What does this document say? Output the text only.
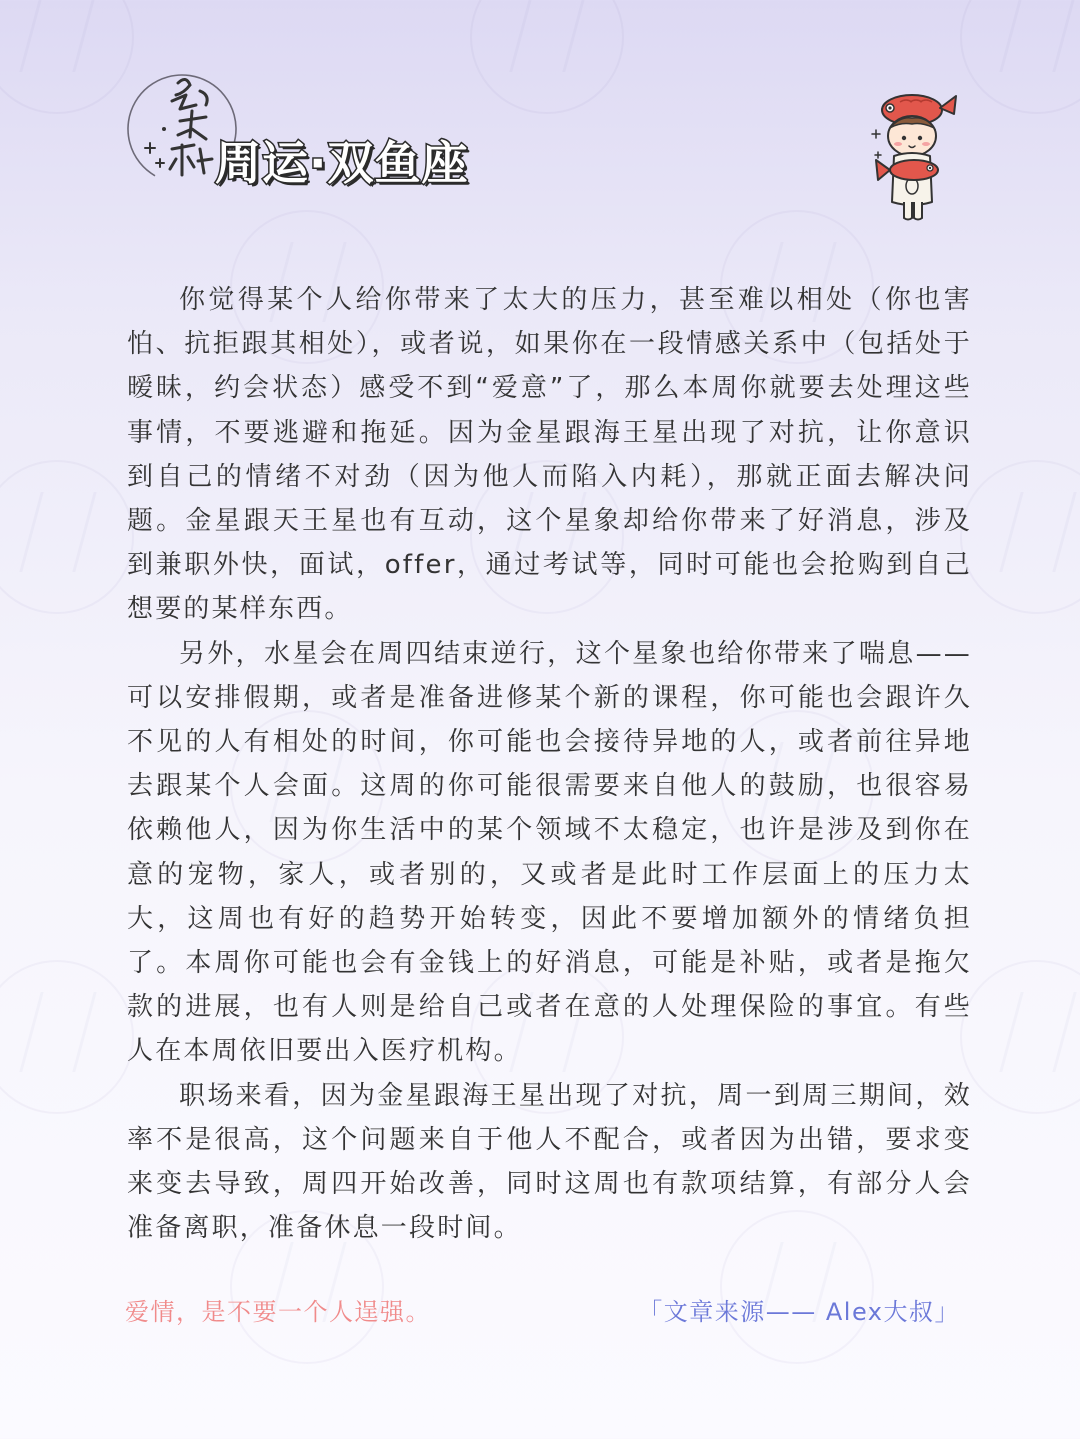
周运·双鱼座

你觉得某个人给你带来了太大的压力，甚至难以相处（你也害怕、抗拒跟其相处），或者说，如果你在一段情感关系中（包括处于暧昧，约会状态）感受不到“爱意”了，那么本周你就要去处理这些事情，不要逃避和拖延。因为金星跟海王星出现了对抗，让你意识到自己的情绪不对劲（因为他人而陷入内耗），那就正面去解决问题。金星跟天王星也有互动，这个星象却给你带来了好消息，涉及到兼职外快，面试，offer，通过考试等，同时可能也会抢购到自己想要的某样东西。

另外，水星会在周四结束逆行，这个星象也给你带来了喘息——可以安排假期，或者是准备进修某个新的课程，你可能也会跟许久不见的人有相处的时间，你可能也会接待异地的人，或者前往异地去跟某个人会面。这周的你可能很需要来自他人的鼓励，也很容易依赖他人，因为你生活中的某个领域不太稳定，也许是涉及到你在意的宠物，家人，或者别的，又或者是此时工作层面上的压力太大，这周也有好的趋势开始转变，因此不要增加额外的情绪负担了。本周你可能也会有金钱上的好消息，可能是补贴，或者是拖欠款的进展，也有人则是给自己或者在意的人处理保险的事宜。有些人在本周依旧要出入医疗机构。

职场来看，因为金星跟海王星出现了对抗，周一到周三期间，效率不是很高，这个问题来自于他人不配合，或者因为出错，要求变来变去导致，周四开始改善，同时这周也有款项结算，有部分人会准备离职，准备休息一段时间。

爱情，是不要一个人逞强。	「文章来源—— Alex大叔」
